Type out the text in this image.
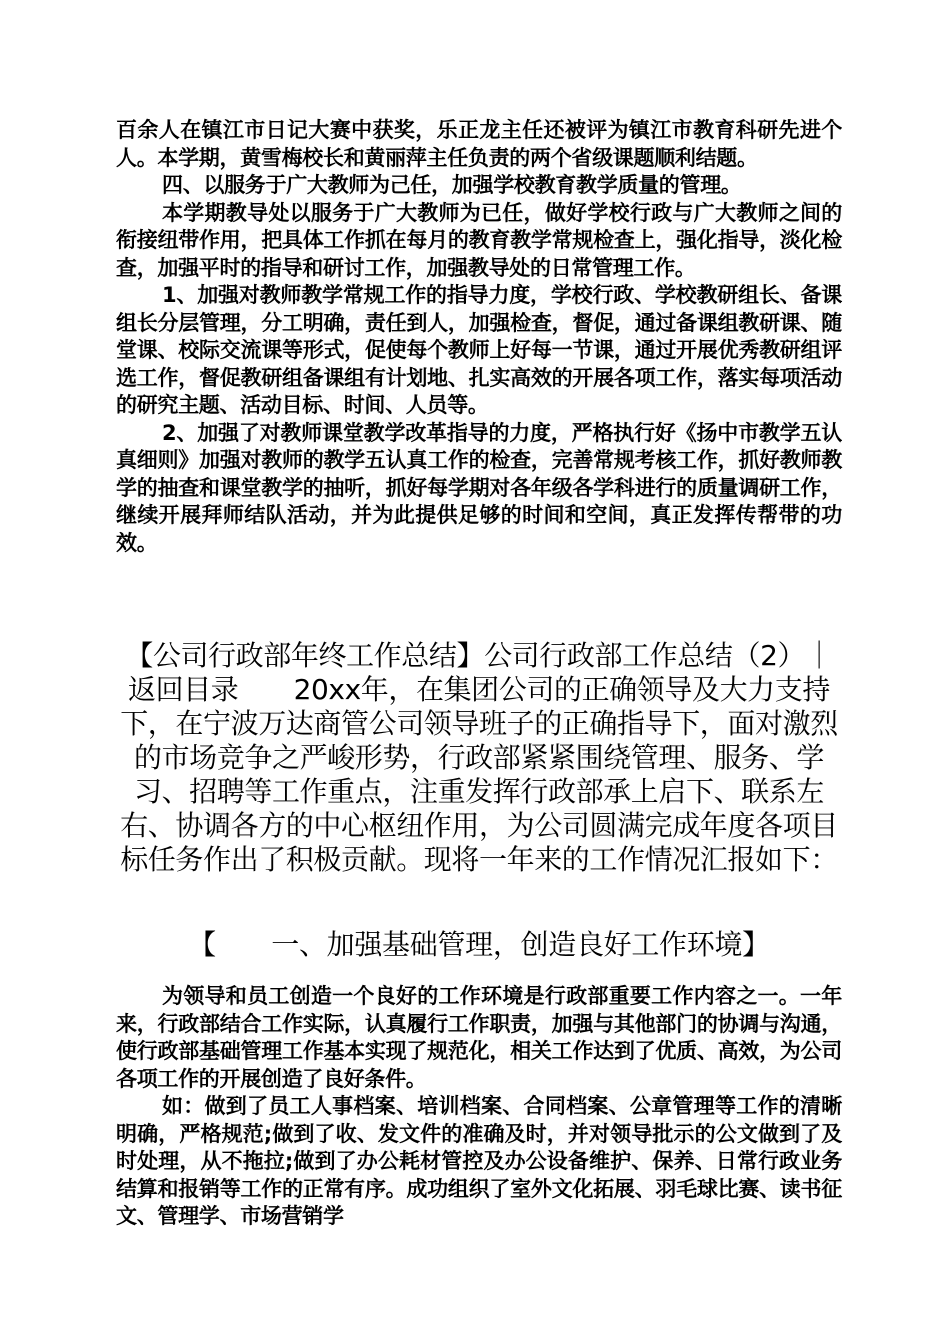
百余人在镇江市日记大赛中获奖，乐正龙主任还被评为镇江市教育科研先进个人。本学期，黄雪梅校长和黄丽萍主任负责的两个省级课题顺利结题。

四、以服务于广大教师为己任，加强学校教育教学质量的管理。

本学期教导处以服务于广大教师为已任，做好学校行政与广大教师之间的衔接纽带作用，把具体工作抓在每月的教育教学常规检查上，强化指导，淡化检查，加强平时的指导和研讨工作，加强教导处的日常管理工作。

1、加强对教师教学常规工作的指导力度，学校行政、学校教研组长、备课组长分层管理，分工明确，责任到人，加强检查，督促，通过备课组教研课、随堂课、校际交流课等形式，促使每个教师上好每一节课，通过开展优秀教研组评选工作，督促教研组备课组有计划地、扎实高效的开展各项工作，落实每项活动的研究主题、活动目标、时间、人员等。

2、加强了对教师课堂教学改革指导的力度，严格执行好《扬中市教学五认真细则》加强对教师的教学五认真工作的检查，完善常规考核工作，抓好教师教学的抽查和课堂教学的抽听，抓好每学期对各年级各学科进行的质量调研工作，继续开展拜师结队活动，并为此提供足够的时间和空间，真正发挥传帮带的功效。

【公司行政部年终工作总结】公司行政部工作总结（2）｜返回目录　　20xx年，在集团公司的正确领导及大力支持下，在宁波万达商管公司领导班子的正确指导下，面对激烈的市场竞争之严峻形势，行政部紧紧围绕管理、服务、学习、招聘等工作重点，注重发挥行政部承上启下、联系左右、协调各方的中心枢纽作用，为公司圆满完成年度各项目标任务作出了积极贡献。现将一年来的工作情况汇报如下：

【　　一、加强基础管理，创造良好工作环境】

为领导和员工创造一个良好的工作环境是行政部重要工作内容之一。一年来，行政部结合工作实际，认真履行工作职责，加强与其他部门的协调与沟通，使行政部基础管理工作基本实现了规范化，相关工作达到了优质、高效，为公司各项工作的开展创造了良好条件。

如：做到了员工人事档案、培训档案、合同档案、公章管理等工作的清晰明确，严格规范;做到了收、发文件的准确及时，并对领导批示的公文做到了及时处理，从不拖拉;做到了办公耗材管控及办公设备维护、保养、日常行政业务结算和报销等工作的正常有序。成功组织了室外文化拓展、羽毛球比赛、读书征文、管理学、市场营销学
